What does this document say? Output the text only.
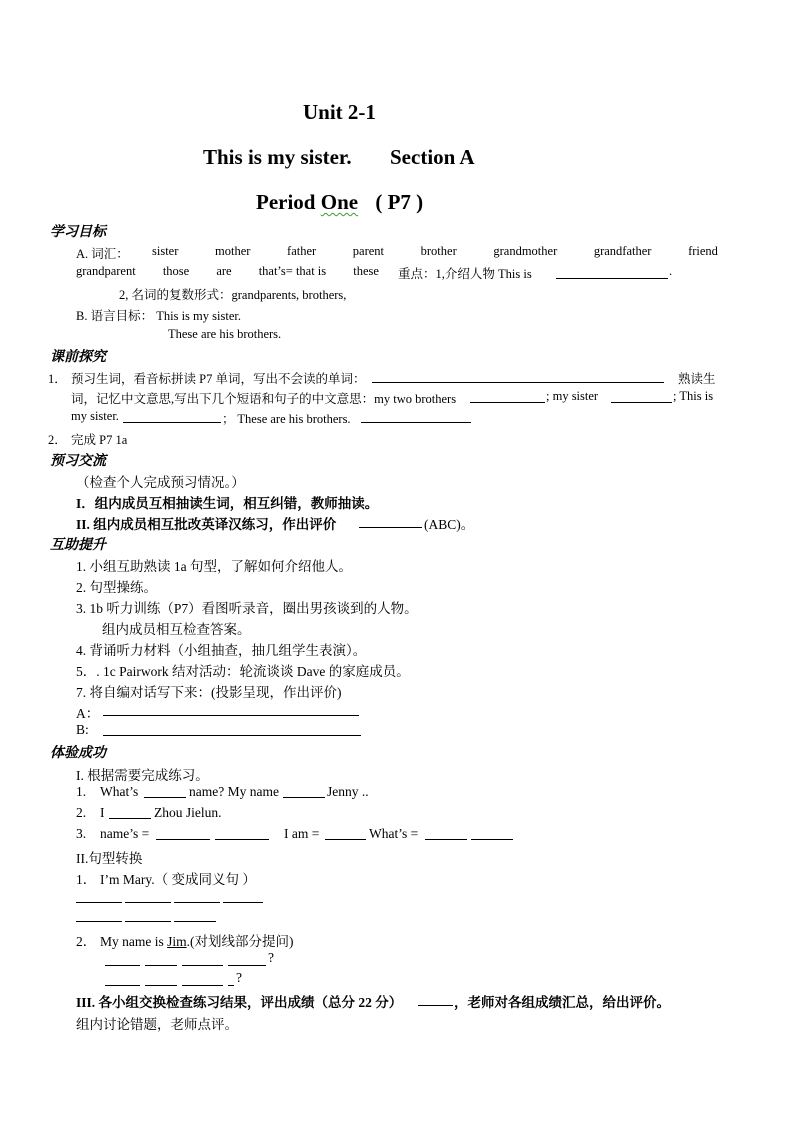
Unit 2-1
This is my sister. Section A
Period One ( P7 )
学习目标
A. 词汇： sister	mother	father	parent	brother	grandmother	grandfather	friend
grandparent those are that’s= that is these 重点：1,介绍人物 This is	.
2, 名词的复数形式：grandparents, brothers,
B. 语言目标： This is my sister.
These are his brothers.
课前探究
1． 预习生词，看音标拼读 P7 单词，写出不会读的单词：	熟读生
词，记忆中文意思,写出下几个短语和句子的中文意思：my two brothers	; my sister	; This is
my sister.	； These are his brothers.
2． 完成 P7 1a
预习交流
（检查个人完成预习情况。）
I．组内成员互相抽读生词，相互纠错，教师抽读。
II. 组内成员相互批改英译汉练习，作出评价	(ABC)。
互助提升
1. 小组互助熟读 1a 句型，了解如何介绍他人。
2. 句型操练。
3. 1b 听力训练（P7）看图听录音，圈出男孩谈到的人物。
组内成员相互检查答案。
4. 背诵听力材料（小组抽查，抽几组学生表演）。
5．. 1c Pairwork 结对活动：轮流谈谈 Dave 的家庭成员。
7. 将自编对话写下来：(投影呈现，作出评价)
A：
B:
体验成功
I. 根据需要完成练习。
1. What’s	name? My name	Jenny ..
2. I	Zhou Jielun.
3. name’s =	I am =	What’s =
II.句型转换
1． I’m Mary.（ 变成同义句 ）
2． My name is Jim.(对划线部分提问)
?
?
III. 各小组交换检查练习结果，评出成绩（总分 22 分）	，老师对各组成绩汇总，给出评价。
组内讨论错题，老师点评。
